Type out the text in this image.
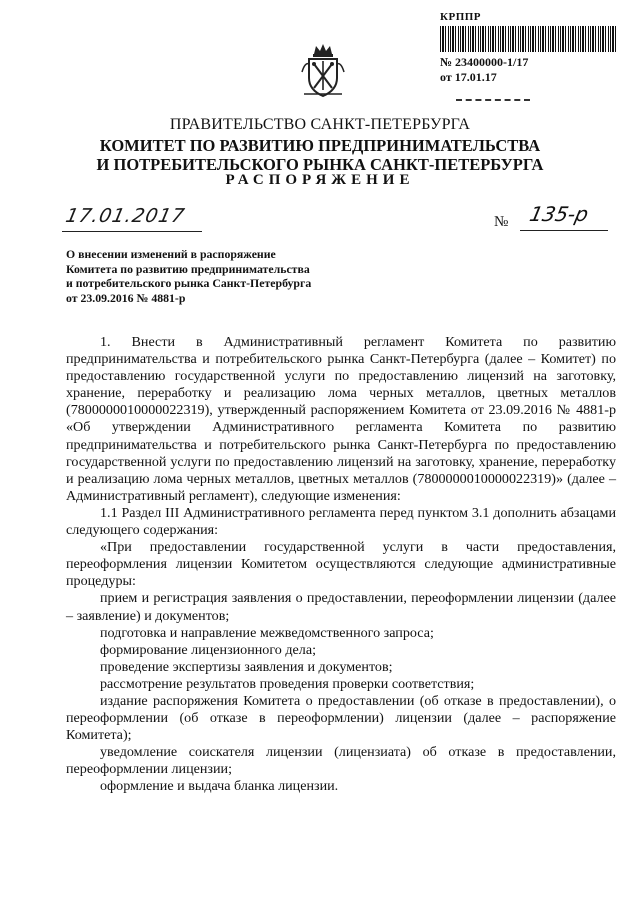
КРППР
№ 23400000-1/17
от 17.01.17
ПРАВИТЕЛЬСТВО САНКТ-ПЕТЕРБУРГА
КОМИТЕТ ПО РАЗВИТИЮ ПРЕДПРИНИМАТЕЛЬСТВА
И ПОТРЕБИТЕЛЬСКОГО РЫНКА САНКТ-ПЕТЕРБУРГА
РАСПОРЯЖЕНИЕ
17.01.2017	№ 135-р
О внесении изменений в распоряжение
Комитета по развитию предпринимательства
и потребительского рынка Санкт-Петербурга
от 23.09.2016 № 4881-р

1. Внести в Административный регламент Комитета по развитию предпринимательства и потребительского рынка Санкт-Петербурга (далее – Комитет) по предоставлению государственной услуги по предоставлению лицензий на заготовку, хранение, переработку и реализацию лома черных металлов, цветных металлов (7800000010000022319), утвержденный распоряжением Комитета от 23.09.2016 № 4881-р «Об утверждении Административного регламента Комитета по развитию предпринимательства и потребительского рынка Санкт-Петербурга по предоставлению государственной услуги по предоставлению лицензий на заготовку, хранение, переработку и реализацию лома черных металлов, цветных металлов (7800000010000022319)» (далее – Административный регламент), следующие изменения:

1.1 Раздел III Административного регламента перед пунктом 3.1 дополнить абзацами следующего содержания:

«При предоставлении государственной услуги в части предоставления, переоформления лицензии Комитетом осуществляются следующие административные процедуры:

прием и регистрация заявления о предоставлении, переоформлении лицензии (далее – заявление) и документов;

подготовка и направление межведомственного запроса;

формирование лицензионного дела;

проведение экспертизы заявления и документов;

рассмотрение результатов проведения проверки соответствия;

издание распоряжения Комитета о предоставлении (об отказе в предоставлении), о переоформлении (об отказе в переоформлении) лицензии (далее – распоряжение Комитета);

уведомление соискателя лицензии (лицензиата) об отказе в предоставлении, переоформлении лицензии;

оформление и выдача бланка лицензии.
